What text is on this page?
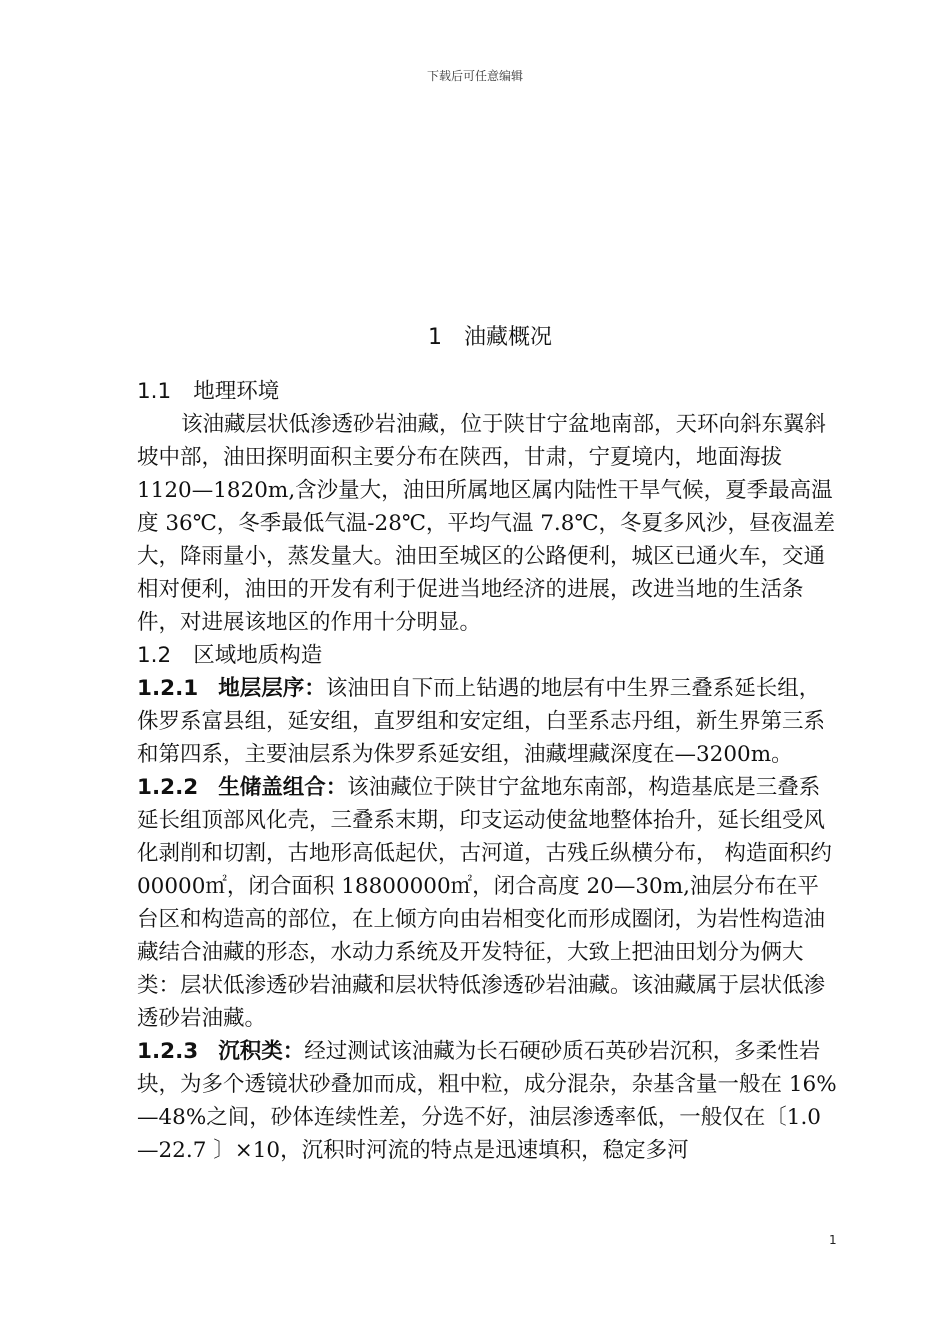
下载后可任意编辑
1 油藏概况

1.1 地理环境

该油藏层状低渗透砂岩油藏，位于陕甘宁盆地南部，天环向斜东翼斜坡中部，油田探明面积主要分布在陕西，甘肃，宁夏境内，地面海拔 1120—1820m,含沙量大，油田所属地区属内陆性干旱气候，夏季最高温度 36℃，冬季最低气温-28℃，平均气温 7.8℃，冬夏多风沙，昼夜温差大，降雨量小，蒸发量大。油田至城区的公路便利，城区已通火车，交通相对便利，油田的开发有利于促进当地经济的进展，改进当地的生活条件，对进展该地区的作用十分明显。

1.2 区域地质构造

1.2.1 地层层序：该油田自下而上钻遇的地层有中生界三叠系延长组，侏罗系富县组，延安组，直罗组和安定组，白垩系志丹组，新生界第三系和第四系，主要油层系为侏罗系延安组，油藏埋藏深度在—3200m。

1.2.2 生储盖组合：该油藏位于陕甘宁盆地东南部，构造基底是三叠系延长组顶部风化壳，三叠系末期，印支运动使盆地整体抬升，延长组受风化剥削和切割，古地形高低起伏，古河道，古残丘纵横分布， 构造面积约 00000㎡，闭合面积 18800000㎡，闭合高度 20—30m,油层分布在平台区和构造高的部位，在上倾方向由岩相变化而形成圈闭，为岩性构造油藏结合油藏的形态，水动力系统及开发特征，大致上把油田划分为俩大类：层状低渗透砂岩油藏和层状特低渗透砂岩油藏。该油藏属于层状低渗透砂岩油藏。

1.2.3 沉积类：经过测试该油藏为长石硬砂质石英砂岩沉积，多柔性岩块，为多个透镜状砂叠加而成，粗中粒，成分混杂，杂基含量一般在 16%—48%之间，砂体连续性差，分选不好，油层渗透率低，一般仅在〔1.0—22.7 〕×10，沉积时河流的特点是迅速填积，稳定多河

1
